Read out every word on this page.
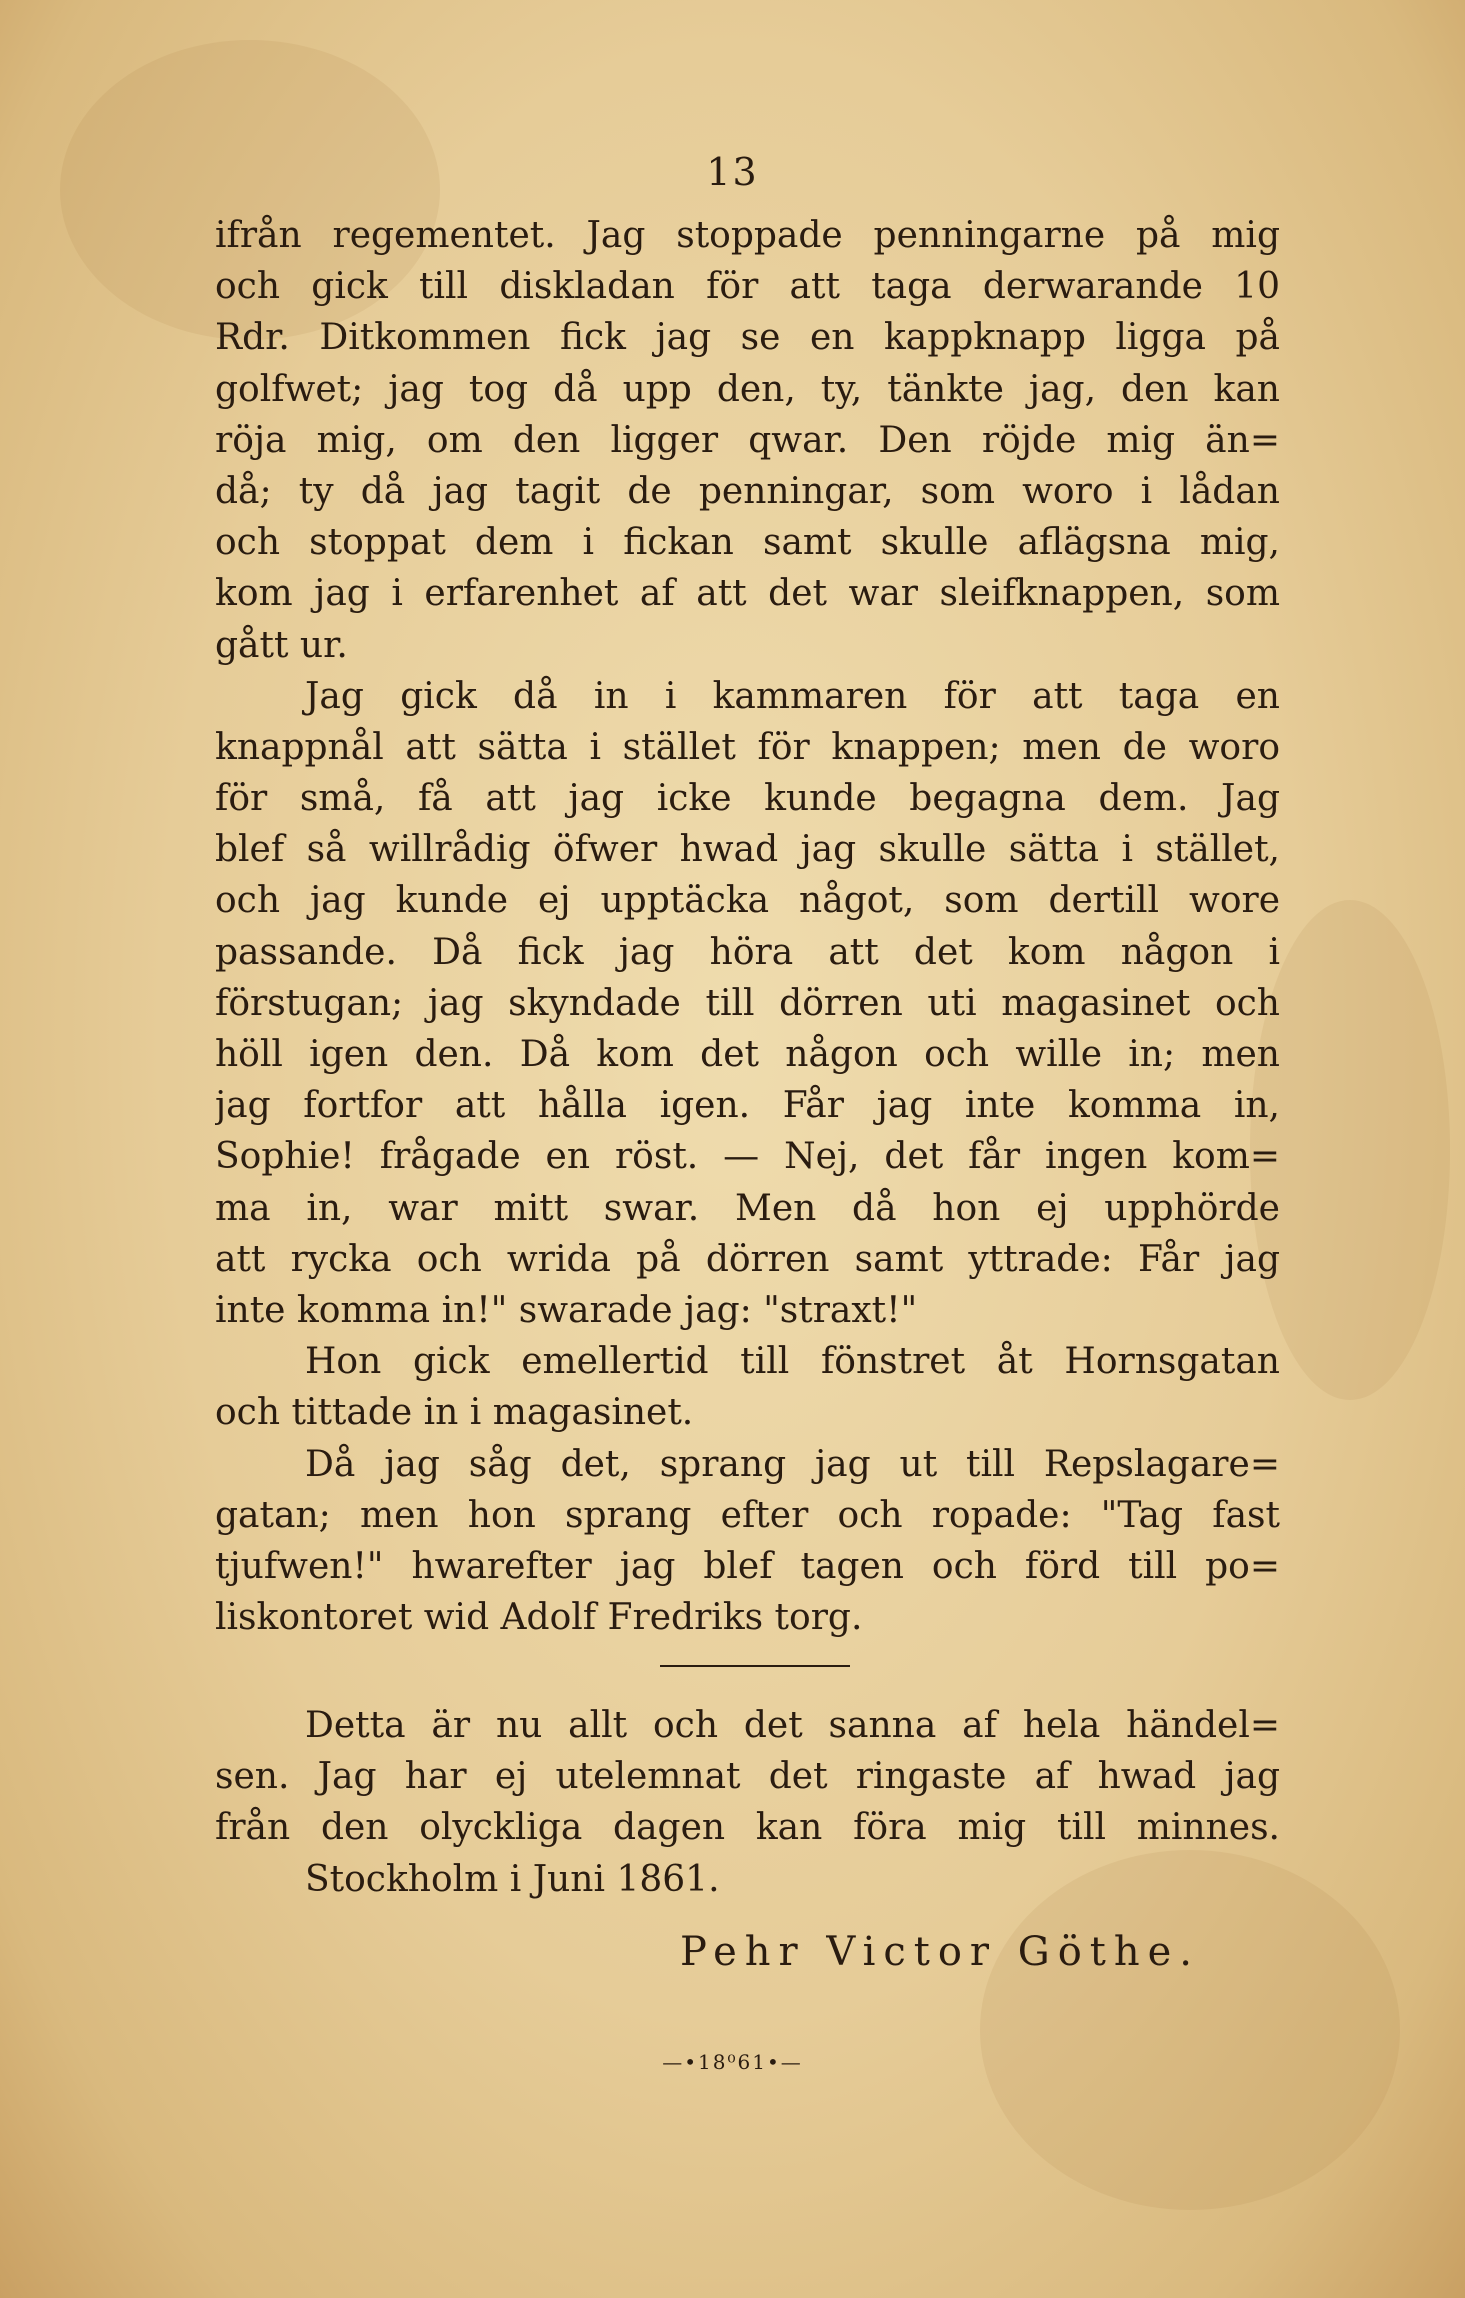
13
ifrån regementet. Jag stoppade penningarne på mig
och gick till diskladan för att taga derwarande 10
Rdr. Ditkommen fick jag se en kappknapp ligga på
golfwet; jag tog då upp den, ty, tänkte jag, den kan
röja mig, om den ligger qwar. Den röjde mig än=
då; ty då jag tagit de penningar, som woro i lådan
och stoppat dem i fickan samt skulle aflägsna mig,
kom jag i erfarenhet af att det war sleifknappen, som
gått ur.
Jag gick då in i kammaren för att taga en
knappnål att sätta i stället för knappen; men de woro
för små, få att jag icke kunde begagna dem. Jag
blef så willrådig öfwer hwad jag skulle sätta i stället,
och jag kunde ej upptäcka något, som dertill wore
passande. Då fick jag höra att det kom någon i
förstugan; jag skyndade till dörren uti magasinet och
höll igen den. Då kom det någon och wille in; men
jag fortfor att hålla igen. Får jag inte komma in,
Sophie! frågade en röst. — Nej, det får ingen kom=
ma in, war mitt swar. Men då hon ej upphörde
att rycka och wrida på dörren samt yttrade: Får jag
inte komma in!" swarade jag: "straxt!"
Hon gick emellertid till fönstret åt Hornsgatan
och tittade in i magasinet.
Då jag såg det, sprang jag ut till Repslagare=
gatan; men hon sprang efter och ropade: "Tag fast
tjufwen!" hwarefter jag blef tagen och förd till po=
liskontoret wid Adolf Fredriks torg.
Detta är nu allt och det sanna af hela händel=
sen. Jag har ej utelemnat det ringaste af hwad jag
från den olyckliga dagen kan föra mig till minnes.
Stockholm i Juni 1861.
Pehr Victor Göthe.
—•18⁰61•—
